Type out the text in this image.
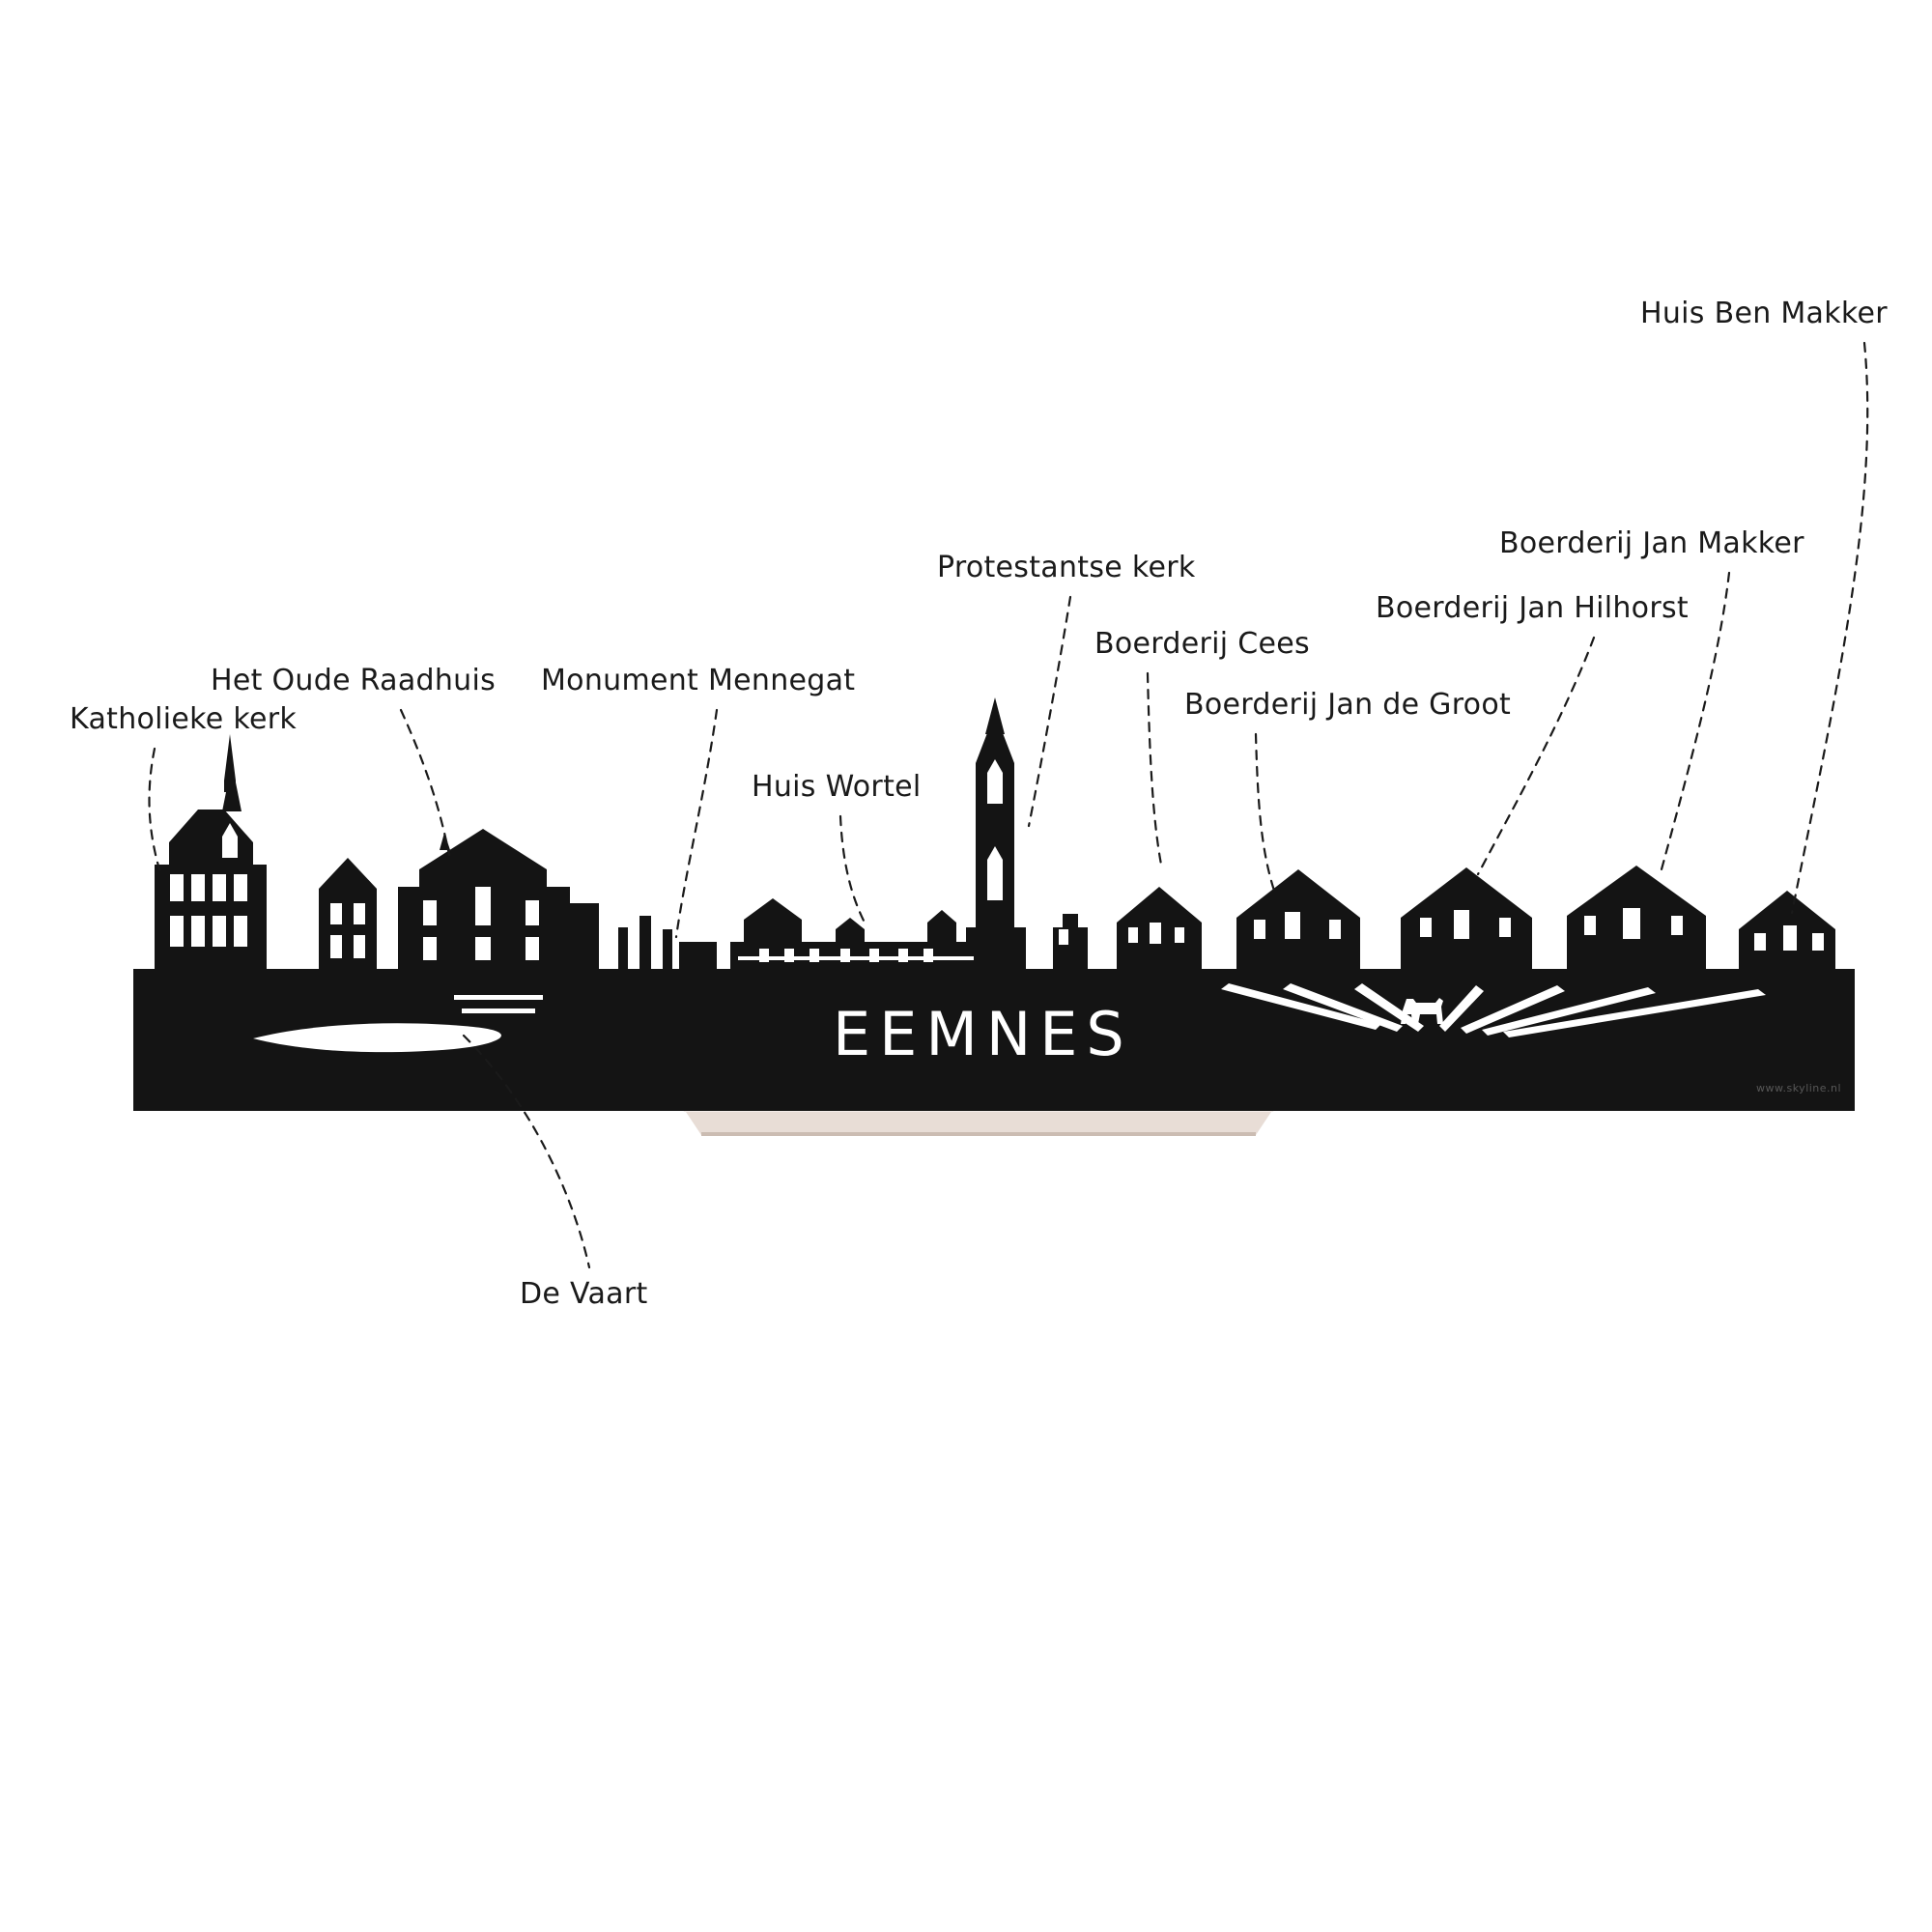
EEMNES
Katholieke kerk
Het Oude Raadhuis Monument Mennegat
Huis Wortel
Protestantse kerk
Boerderij Cees
Boerderij Jan de Groot
Boerderij Jan Hilhorst
Boerderij Jan Makker
Huis Ben Makker
De Vaart
www.skyline.nl
